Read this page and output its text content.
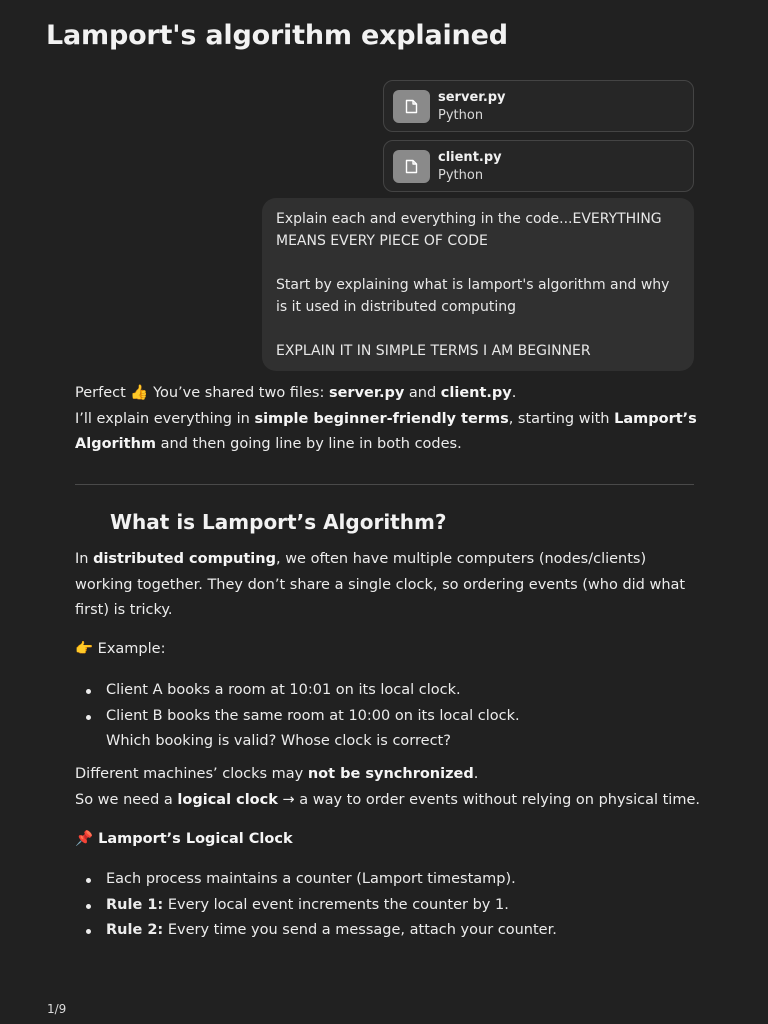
Lamport's algorithm explained
server.py
Python
client.py
Python

Explain each and everything in the code...EVERYTHING MEANS EVERY PIECE OF CODE

Start by explaining what is lamport's algorithm and why is it used in distributed computing

EXPLAIN IT IN SIMPLE TERMS I AM BEGINNER

Perfect 👍 You’ve shared two files: server.py and client.py.
I’ll explain everything in simple beginner-friendly terms, starting with Lamport’s Algorithm and then going line by line in both codes.
What is Lamport’s Algorithm?
In distributed computing, we often have multiple computers (nodes/clients) working together. They don’t share a single clock, so ordering events (who did what first) is tricky.
👉 Example:
Client A books a room at 10:01 on its local clock.
Client B books the same room at 10:00 on its local clock.
Which booking is valid? Whose clock is correct?
Different machines’ clocks may not be synchronized.
So we need a logical clock → a way to order events without relying on physical time.
📌 Lamport’s Logical Clock
Each process maintains a counter (Lamport timestamp).
Rule 1: Every local event increments the counter by 1.
Rule 2: Every time you send a message, attach your counter.
1/9
